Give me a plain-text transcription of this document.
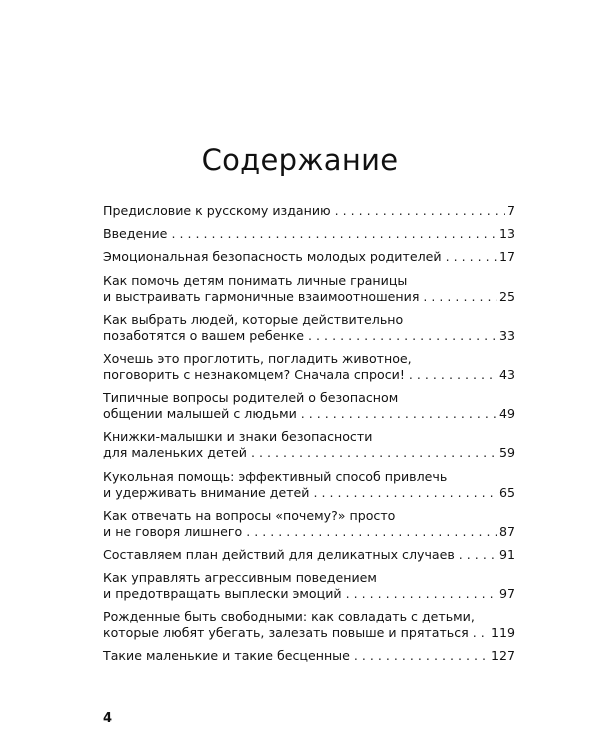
Содержание
Предисловие к русскому изданию . . .	7
Введение . . .	13
Эмоциональная безопасность молодых родителей . . .	17
Как помочь детям понимать личные границы
и выстраивать гармоничные взаимоотношения . . .	25
Как выбрать людей, которые действительно
позаботятся о вашем ребенке . . .	33
Хочешь это проглотить, погладить животное,
поговорить с незнакомцем? Сначала спроси! . . .	43
Типичные вопросы родителей о безопасном
общении малышей с людьми . . .	49
Книжки-малышки и знаки безопасности
для маленьких детей . . .	59
Кукольная помощь: эффективный способ привлечь
и удерживать внимание детей . . .	65
Как отвечать на вопросы «почему?» просто
и не говоря лишнего . . .	87
Составляем план действий для деликатных случаев . . .	91
Как управлять агрессивным поведением
и предотвращать выплески эмоций . . .	97
Рожденные быть свободными: как совладать с детьми,
которые любят убегать, залезать повыше и прятаться . . . 119
Такие маленькие и такие бесценные . . .	127
4
